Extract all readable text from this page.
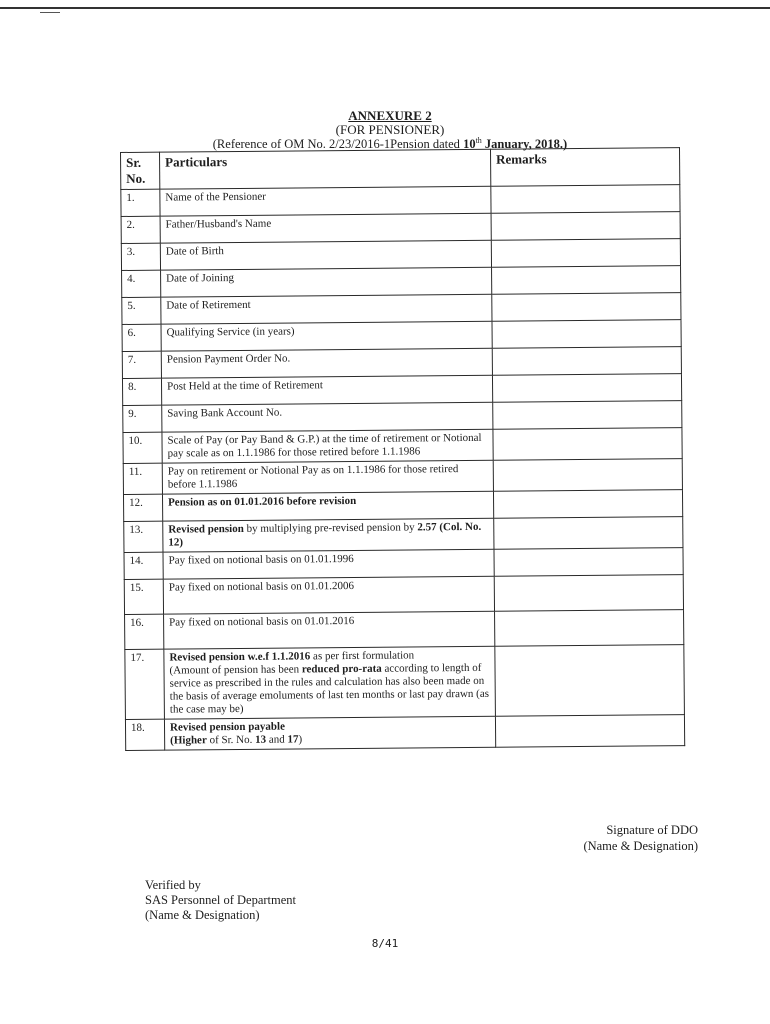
ANNEXURE 2
(FOR PENSIONER)
(Reference of OM No. 2/23/2016-1Pension dated 10th January, 2018.)
Sr. No.	Particulars	Remarks
1.	Name of the Pensioner	
2.	Father/Husband's Name	
3.	Date of Birth	
4.	Date of Joining	
5.	Date of Retirement	
6.	Qualifying Service (in years)	
7.	Pension Payment Order No.	
8.	Post Held at the time of Retirement	
9.	Saving Bank Account No.	
10.	Scale of Pay (or Pay Band & G.P.) at the time of retirement or Notional pay scale as on 1.1.1986 for those retired before 1.1.1986	
11.	Pay on retirement or Notional Pay as on 1.1.1986 for those retired before 1.1.1986	
12.	Pension as on 01.01.2016 before revision	
13.	Revised pension by multiplying pre-revised pension by 2.57 (Col. No. 12)	
14.	Pay fixed on notional basis on 01.01.1996	
15.	Pay fixed on notional basis on 01.01.2006	
16.	Pay fixed on notional basis on 01.01.2016	
17.	Revised pension w.e.f 1.1.2016 as per first formulation
(Amount of pension has been reduced pro-rata according to length of service as prescribed in the rules and calculation has also been made on the basis of average emoluments of last ten months or last pay drawn (as the case may be)	
18.	Revised pension payable
(Higher of Sr. No. 13 and 17)	
Signature of DDO
(Name & Designation)
Verified by
SAS Personnel of Department
(Name & Designation)
8/41
